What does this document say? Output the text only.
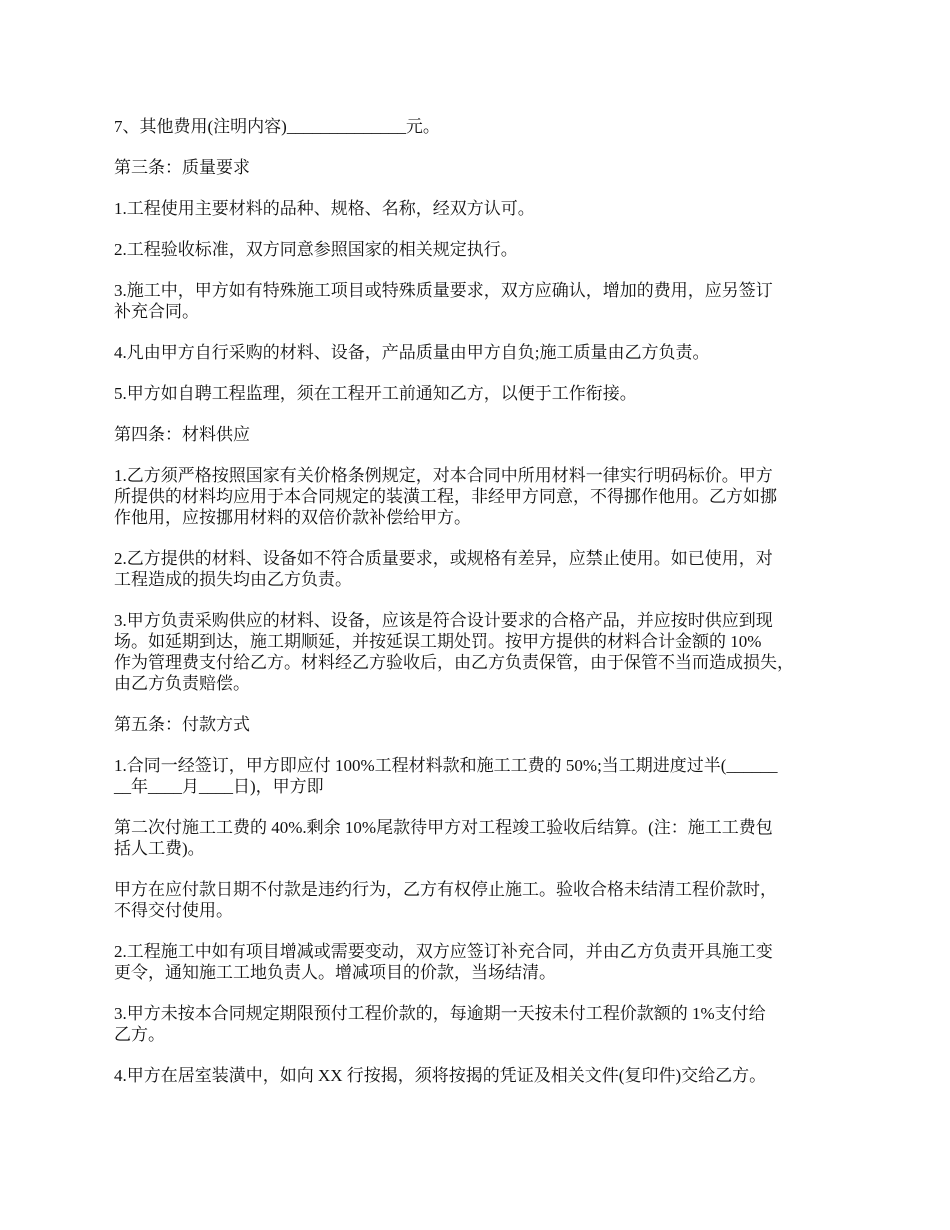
7、其他费用(注明内容)______________元。

第三条：质量要求

1.工程使用主要材料的品种、规格、名称，经双方认可。

2.工程验收标准，双方同意参照国家的相关规定执行。

3.施工中，甲方如有特殊施工项目或特殊质量要求，双方应确认，增加的费用，应另签订
补充合同。

4.凡由甲方自行采购的材料、设备，产品质量由甲方自负;施工质量由乙方负责。

5.甲方如自聘工程监理，须在工程开工前通知乙方，以便于工作衔接。

第四条：材料供应

1.乙方须严格按照国家有关价格条例规定，对本合同中所用材料一律实行明码标价。甲方
所提供的材料均应用于本合同规定的装潢工程，非经甲方同意，不得挪作他用。乙方如挪
作他用，应按挪用材料的双倍价款补偿给甲方。

2.乙方提供的材料、设备如不符合质量要求，或规格有差异，应禁止使用。如已使用，对
工程造成的损失均由乙方负责。

3.甲方负责采购供应的材料、设备，应该是符合设计要求的合格产品，并应按时供应到现
场。如延期到达，施工期顺延，并按延误工期处罚。按甲方提供的材料合计金额的 10%
作为管理费支付给乙方。材料经乙方验收后，由乙方负责保管，由于保管不当而造成损失，
由乙方负责赔偿。

第五条：付款方式

1.合同一经签订，甲方即应付 100%工程材料款和施工工费的 50%;当工期进度过半(______
__年____月____日)，甲方即

第二次付施工工费的 40%.剩余 10%尾款待甲方对工程竣工验收后结算。(注：施工工费包
括人工费)。

甲方在应付款日期不付款是违约行为，乙方有权停止施工。验收合格未结清工程价款时，
不得交付使用。

2.工程施工中如有项目增减或需要变动，双方应签订补充合同，并由乙方负责开具施工变
更令，通知施工工地负责人。增减项目的价款，当场结清。

3.甲方未按本合同规定期限预付工程价款的，每逾期一天按未付工程价款额的 1%支付给
乙方。

4.甲方在居室装潢中，如向 XX 行按揭，须将按揭的凭证及相关文件(复印件)交给乙方。
